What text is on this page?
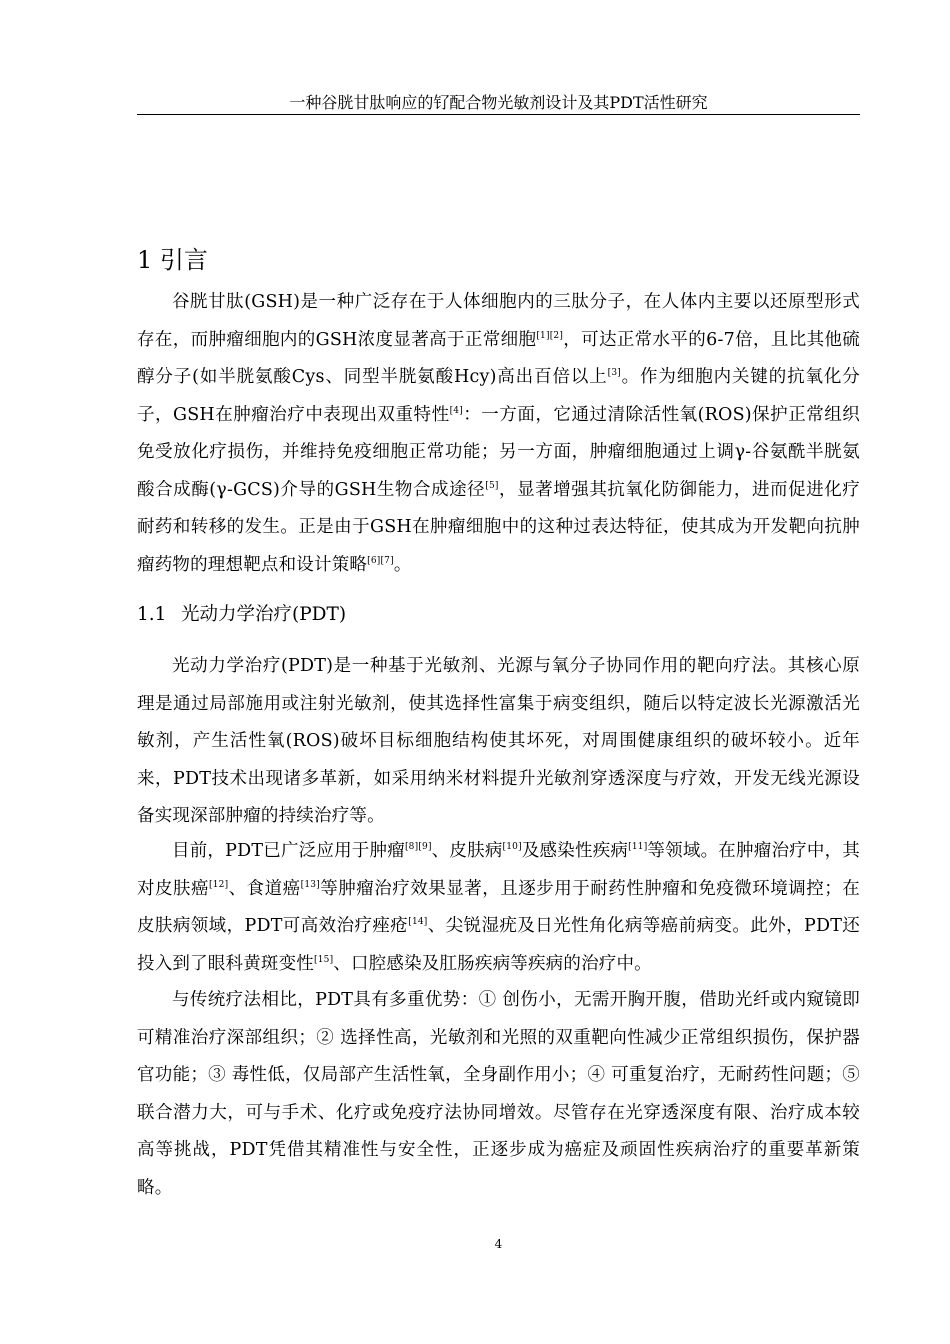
一种谷胱甘肽响应的钌配合物光敏剂设计及其PDT活性研究
1 引言

谷胱甘肽(GSH)是一种广泛存在于人体细胞内的三肽分子，在人体内主要以还原型形式存在，而肿瘤细胞内的GSH浓度显著高于正常细胞[1][2]，可达正常水平的6-7倍，且比其他硫醇分子(如半胱氨酸Cys、同型半胱氨酸Hcy)高出百倍以上[3]。作为细胞内关键的抗氧化分子，GSH在肿瘤治疗中表现出双重特性[4]：一方面，它通过清除活性氧(ROS)保护正常组织免受放化疗损伤，并维持免疫细胞正常功能；另一方面，肿瘤细胞通过上调γ-谷氨酰半胱氨酸合成酶(γ-GCS)介导的GSH生物合成途径[5]，显著增强其抗氧化防御能力，进而促进化疗耐药和转移的发生。正是由于GSH在肿瘤细胞中的这种过表达特征，使其成为开发靶向抗肿瘤药物的理想靶点和设计策略[6][7]。

1.1 光动力学治疗(PDT)

光动力学治疗(PDT)是一种基于光敏剂、光源与氧分子协同作用的靶向疗法。其核心原理是通过局部施用或注射光敏剂，使其选择性富集于病变组织，随后以特定波长光源激活光敏剂，产生活性氧(ROS)破坏目标细胞结构使其坏死，对周围健康组织的破坏较小。近年来，PDT技术出现诸多革新，如采用纳米材料提升光敏剂穿透深度与疗效，开发无线光源设备实现深部肿瘤的持续治疗等。

目前，PDT已广泛应用于肿瘤[8][9]、皮肤病[10]及感染性疾病[11]等领域。在肿瘤治疗中，其对皮肤癌[12]、食道癌[13]等肿瘤治疗效果显著，且逐步用于耐药性肿瘤和免疫微环境调控；在皮肤病领域，PDT可高效治疗痤疮[14]、尖锐湿疣及日光性角化病等癌前病变。此外，PDT还投入到了眼科黄斑变性[15]、口腔感染及肛肠疾病等疾病的治疗中。

与传统疗法相比，PDT具有多重优势：① 创伤小，无需开胸开腹，借助光纤或内窥镜即可精准治疗深部组织；② 选择性高，光敏剂和光照的双重靶向性减少正常组织损伤，保护器官功能；③ 毒性低，仅局部产生活性氧，全身副作用小；④ 可重复治疗，无耐药性问题；⑤ 联合潜力大，可与手术、化疗或免疫疗法协同增效。尽管存在光穿透深度有限、治疗成本较高等挑战，PDT凭借其精准性与安全性，正逐步成为癌症及顽固性疾病治疗的重要革新策略。

4
